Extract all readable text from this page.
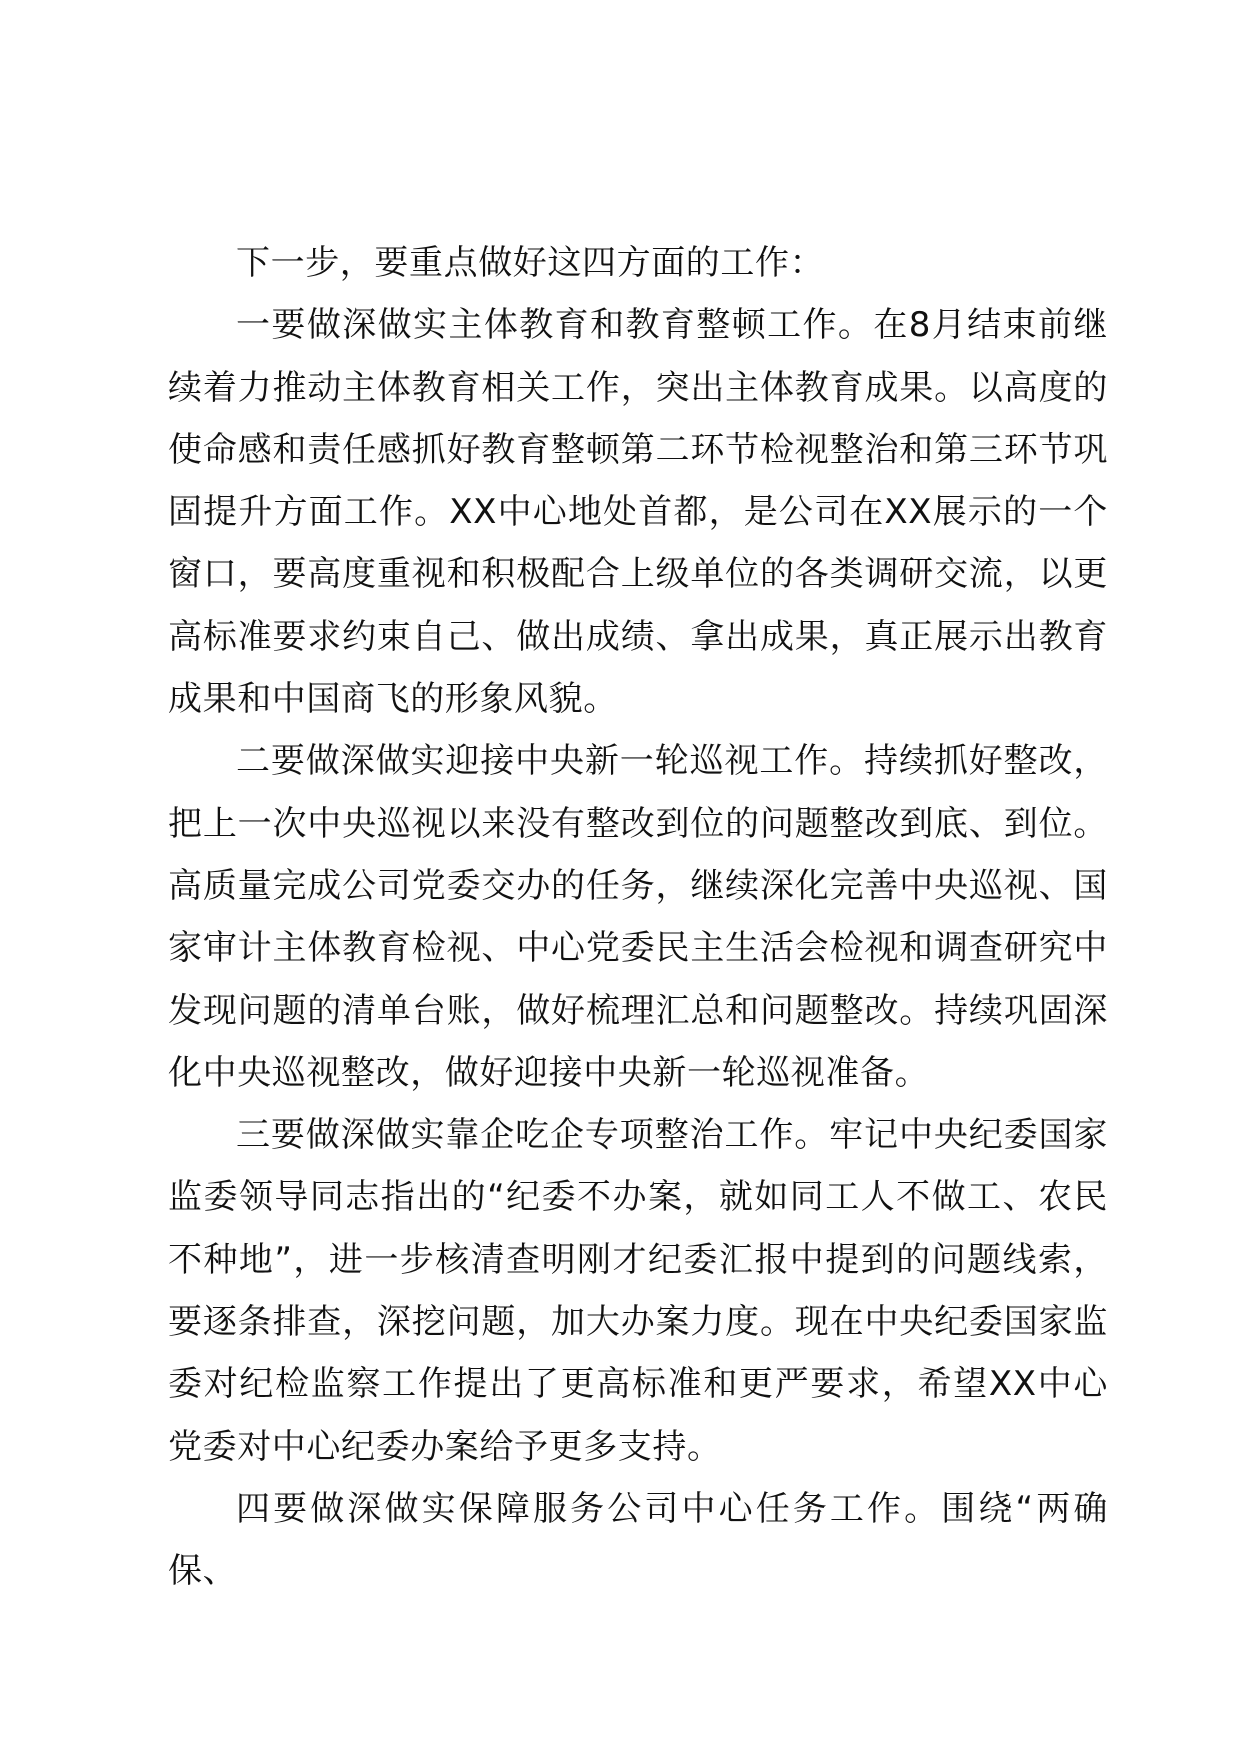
下一步，要重点做好这四方面的工作：

一要做深做实主体教育和教育整顿工作。在8月结束前继续着力推动主体教育相关工作，突出主体教育成果。以高度的使命感和责任感抓好教育整顿第二环节检视整治和第三环节巩固提升方面工作。XX中心地处首都，是公司在XX展示的一个窗口，要高度重视和积极配合上级单位的各类调研交流，以更高标准要求约束自己、做出成绩、拿出成果，真正展示出教育成果和中国商飞的形象风貌。

二要做深做实迎接中央新一轮巡视工作。持续抓好整改，把上一次中央巡视以来没有整改到位的问题整改到底、到位。高质量完成公司党委交办的任务，继续深化完善中央巡视、国家审计主体教育检视、中心党委民主生活会检视和调查研究中发现问题的清单台账，做好梳理汇总和问题整改。持续巩固深化中央巡视整改，做好迎接中央新一轮巡视准备。

三要做深做实靠企吃企专项整治工作。牢记中央纪委国家监委领导同志指出的“纪委不办案，就如同工人不做工、农民不种地”，进一步核清查明刚才纪委汇报中提到的问题线索，要逐条排查，深挖问题，加大办案力度。现在中央纪委国家监委对纪检监察工作提出了更高标准和更严要求，希望XX中心党委对中心纪委办案给予更多支持。

四要做深做实保障服务公司中心任务工作。围绕“两确保、
